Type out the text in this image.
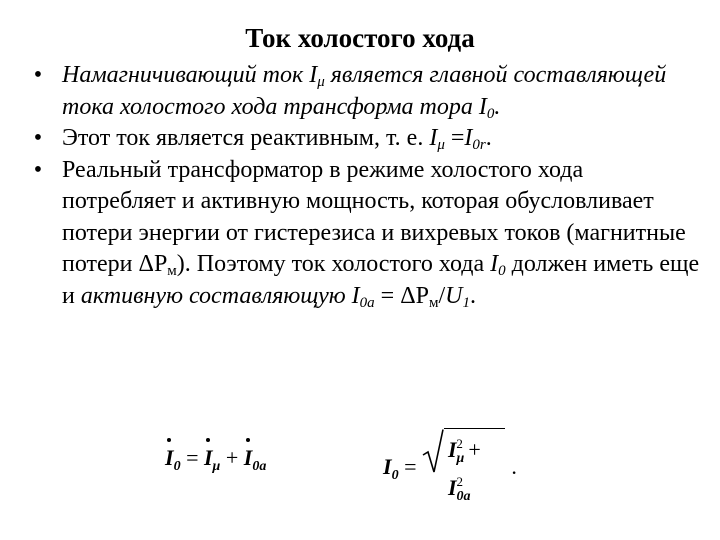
Ток холостого хода
• Намагничивающий ток $I_\mu$ является главной составляющей тока холостого хода трансформа тора $I_0$.
• Этот ток является реактивным, т. е. $I_\mu =I_{0r}$.
• Реальный трансформатор в режиме холостого хода потребляет и активную мощность, которая обусловливает потери энергии от гистерезиса и вихревых токов (магнитные потери $\Delta P_м$). Поэтому ток холостого хода $I_0$ должен иметь еще и активную составляющую $I_{0a} = \Delta P_м/U_1$.
$I_0 = I_\mu + I_{0a}$	$I_0$ =
$I_\mu^2 + I_{0a}^2$.
